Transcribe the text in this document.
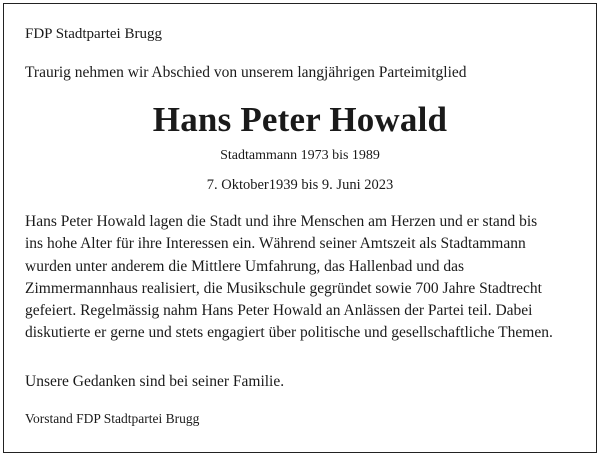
FDP Stadtpartei Brugg
Traurig nehmen wir Abschied von unserem langjährigen Parteimitglied
Hans Peter Howald
Stadtammann 1973 bis 1989
7. Oktober1939 bis 9. Juni 2023
Hans Peter Howald lagen die Stadt und ihre Menschen am Herzen und er stand bis
ins hohe Alter für ihre Interessen ein. Während seiner Amtszeit als Stadtammann
wurden unter anderem die Mittlere Umfahrung, das Hallenbad und das
Zimmermannhaus realisiert, die Musikschule gegründet sowie 700 Jahre Stadtrecht
gefeiert. Regelmässig nahm Hans Peter Howald an Anlässen der Partei teil. Dabei
diskutierte er gerne und stets engagiert über politische und gesellschaftliche Themen.
Unsere Gedanken sind bei seiner Familie.
Vorstand FDP Stadtpartei Brugg
